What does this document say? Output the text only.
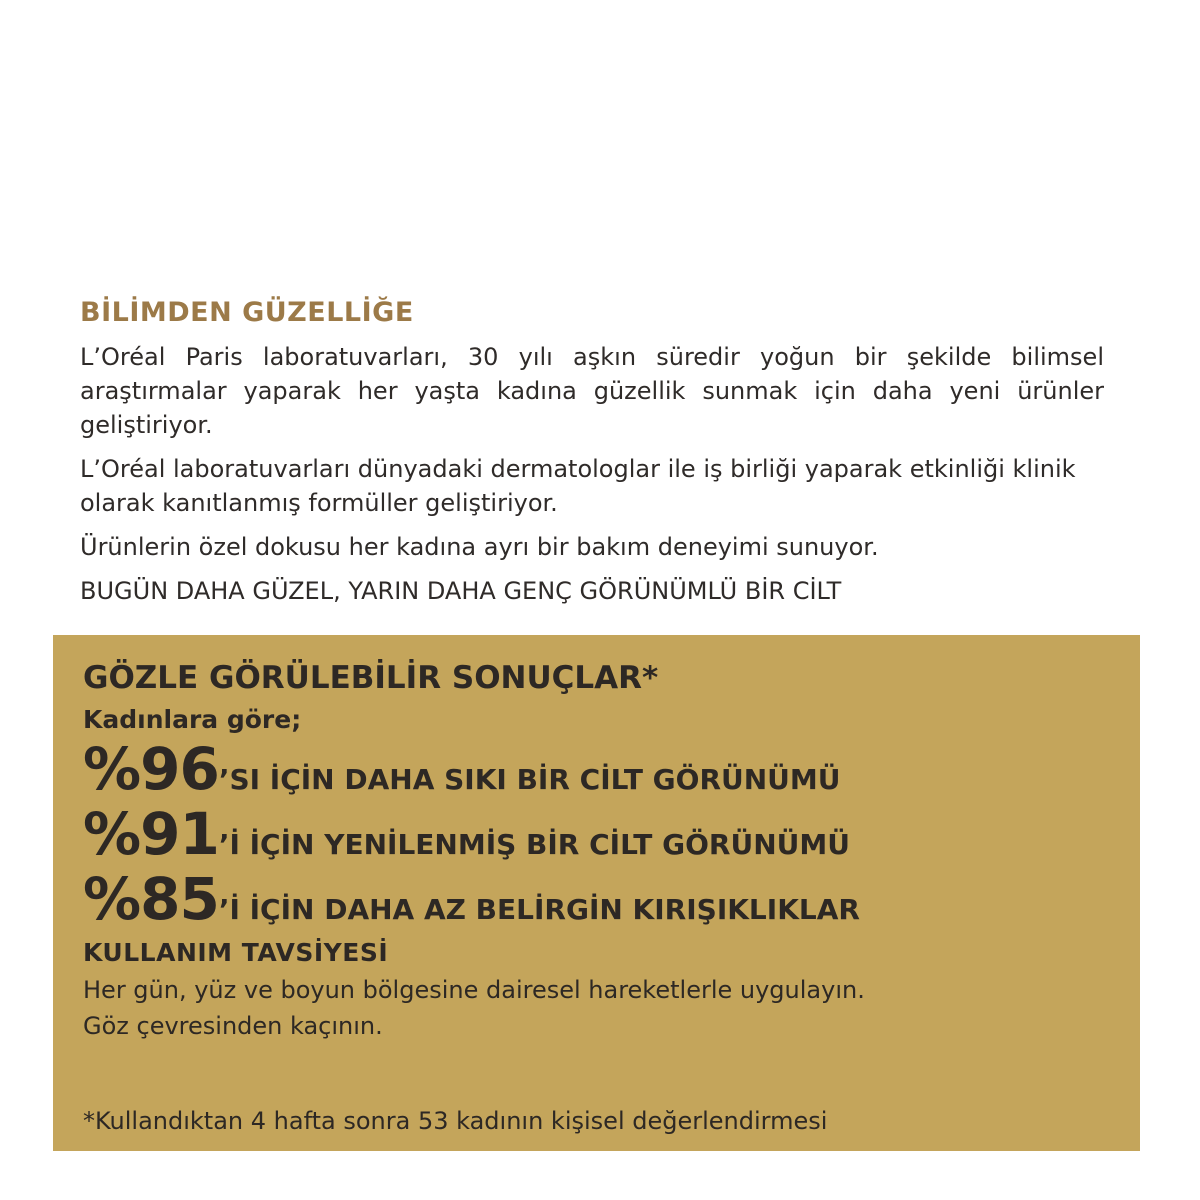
BİLİMDEN GÜZELLİĞE

L’Oréal Paris laboratuvarları, 30 yılı aşkın süredir yoğun bir şekilde bilimsel araştırmalar yaparak her yaşta kadına güzellik sunmak için daha yeni ürünler geliştiriyor.

L’Oréal laboratuvarları dünyadaki dermatologlar ile iş birliği yaparak etkinliği klinik olarak kanıtlanmış formüller geliştiriyor.

Ürünlerin özel dokusu her kadına ayrı bir bakım deneyimi sunuyor.

BUGÜN DAHA GÜZEL, YARIN DAHA GENÇ GÖRÜNÜMLÜ BİR CİLT

GÖZLE GÖRÜLEBİLİR SONUÇLAR*

Kadınlara göre;

%96 ’SI İÇİN DAHA SIKI BİR CİLT GÖRÜNÜMÜ
%91 ’İ İÇİN YENİLENMİŞ BİR CİLT GÖRÜNÜMÜ
%85 ’İ İÇİN DAHA AZ BELİRGİN KIRIŞIKLIKLAR
KULLANIM TAVSİYESİ

Her gün, yüz ve boyun bölgesine dairesel hareketlerle uygulayın.
Göz çevresinden kaçının.

*Kullandıktan 4 hafta sonra 53 kadının kişisel değerlendirmesi
